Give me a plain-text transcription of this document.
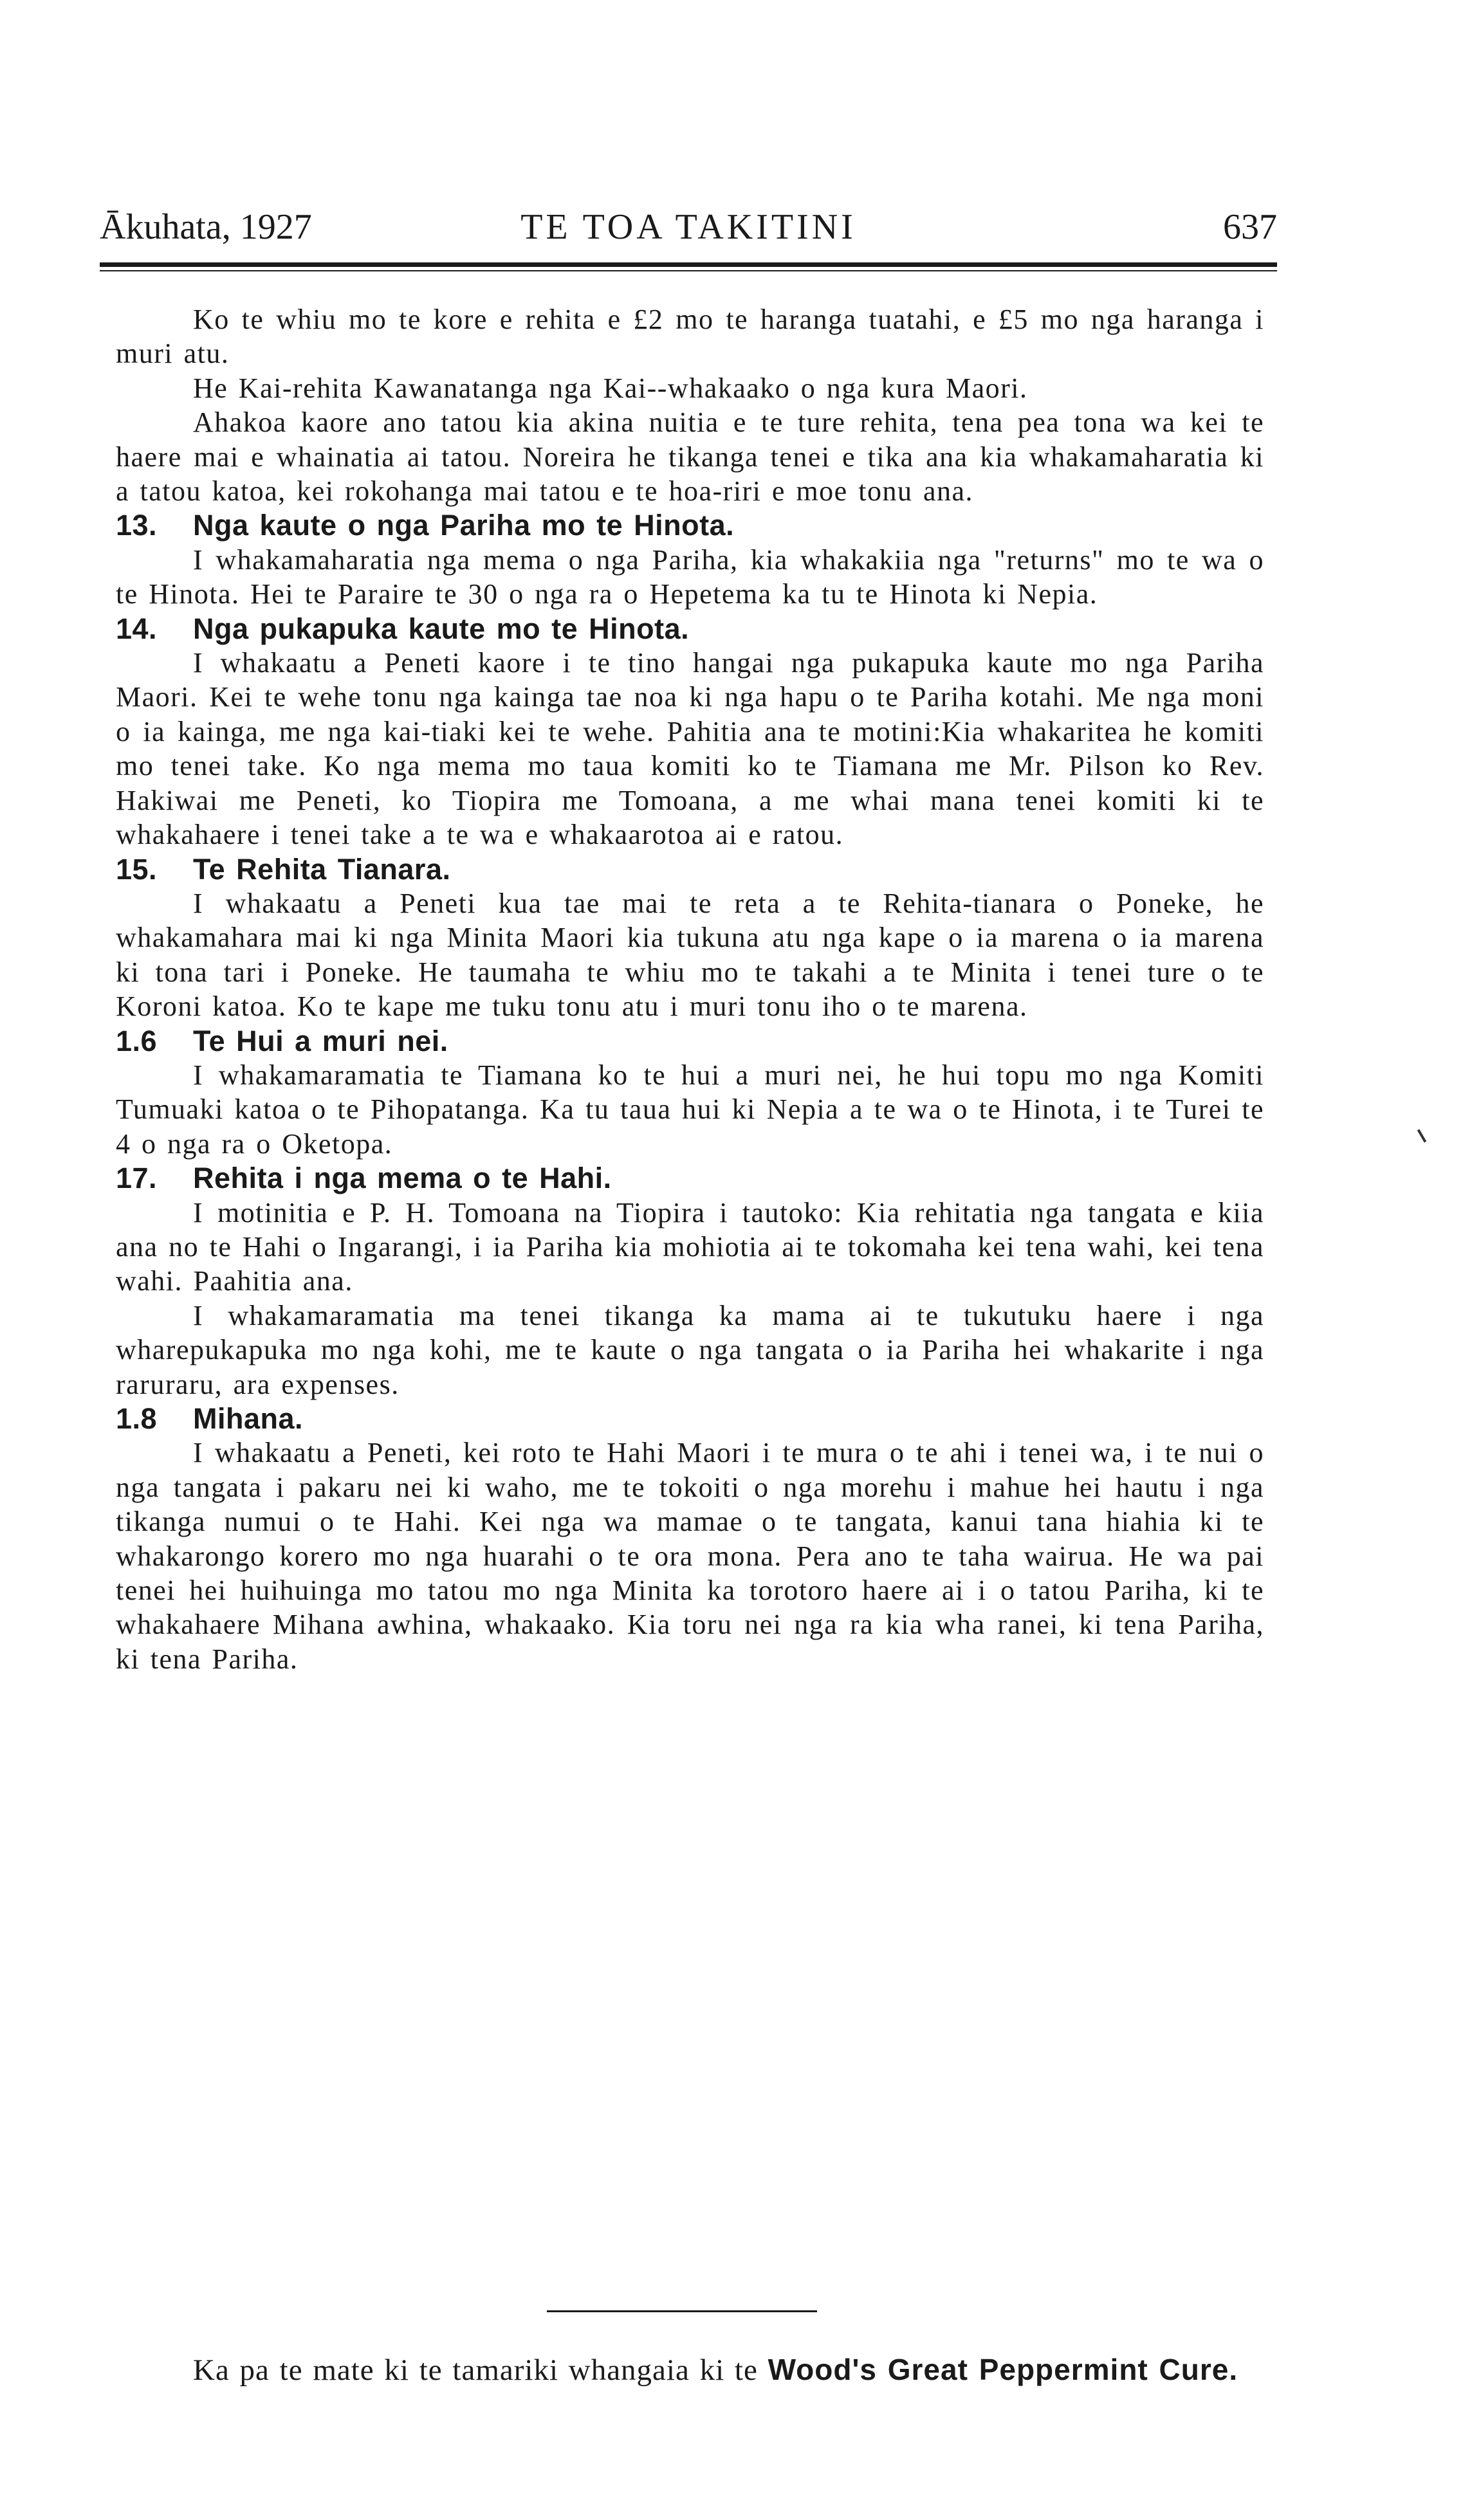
Ākuhata, 1927	TE TOA TAKITINI	637

Ko te whiu mo te kore e rehita e £2 mo te haranga tuatahi, e £5 mo nga haranga i muri atu.

He Kai-rehita Kawanatanga nga Kai--whakaako o nga kura Maori.

Ahakoa kaore ano tatou kia akina nuitia e te ture rehita, tena pea tona wa kei te haere mai e whainatia ai tatou. Noreira he tikanga tenei e tika ana kia whakamaharatia ki a tatou katoa, kei rokohanga mai tatou e te hoa-riri e moe tonu ana.

13. Nga kaute o nga Pariha mo te Hinota.

I whakamaharatia nga mema o nga Pariha, kia whakakiia nga "returns" mo te wa o te Hinota. Hei te Paraire te 30 o nga ra o Hepetema ka tu te Hinota ki Nepia.

14. Nga pukapuka kaute mo te Hinota.

I whakaatu a Peneti kaore i te tino hangai nga pukapuka kaute mo nga Pariha Maori. Kei te wehe tonu nga kainga tae noa ki nga hapu o te Pariha kotahi. Me nga moni o ia kainga, me nga kai-tiaki kei te wehe. Pahitia ana te motini:Kia whakaritea he komiti mo tenei take. Ko nga mema mo taua komiti ko te Tiamana me Mr. Pilson ko Rev. Hakiwai me Peneti, ko Tiopira me Tomoana, a me whai mana tenei komiti ki te whakahaere i tenei take a te wa e whakaarotoa ai e ratou.

15. Te Rehita Tianara.

I whakaatu a Peneti kua tae mai te reta a te Rehita-tianara o Poneke, he whakamahara mai ki nga Minita Maori kia tukuna atu nga kape o ia marena o ia marena ki tona tari i Poneke. He taumaha te whiu mo te takahi a te Minita i tenei ture o te Koroni katoa. Ko te kape me tuku tonu atu i muri tonu iho o te marena.

1.6 Te Hui a muri nei.

I whakamaramatia te Tiamana ko te hui a muri nei, he hui topu mo nga Komiti Tumuaki katoa o te Pihopatanga. Ka tu taua hui ki Nepia a te wa o te Hinota, i te Turei te 4 o nga ra o Oketopa.

17. Rehita i nga mema o te Hahi.

I motinitia e P. H. Tomoana na Tiopira i tautoko: Kia rehitatia nga tangata e kiia ana no te Hahi o Ingarangi, i ia Pariha kia mohiotia ai te tokomaha kei tena wahi, kei tena wahi. Paahitia ana.

I whakamaramatia ma tenei tikanga ka mama ai te tukutuku haere i nga wharepukapuka mo nga kohi, me te kaute o nga tangata o ia Pariha hei whakarite i nga raruraru, ara expenses.

1.8 Mihana.

I whakaatu a Peneti, kei roto te Hahi Maori i te mura o te ahi i tenei wa, i te nui o nga tangata i pakaru nei ki waho, me te tokoiti o nga morehu i mahue hei hautu i nga tikanga numui o te Hahi. Kei nga wa mamae o te tangata, kanui tana hiahia ki te whakarongo korero mo nga huarahi o te ora mona. Pera ano te taha wairua. He wa pai tenei hei huihuinga mo tatou mo nga Minita ka torotoro haere ai i o tatou Pariha, ki te whakahaere Mihana awhina, whakaako. Kia toru nei nga ra kia wha ranei, ki tena Pariha, ki tena Pariha.

Ka pa te mate ki te tamariki whangaia ki te Wood's Great Peppermint Cure.
